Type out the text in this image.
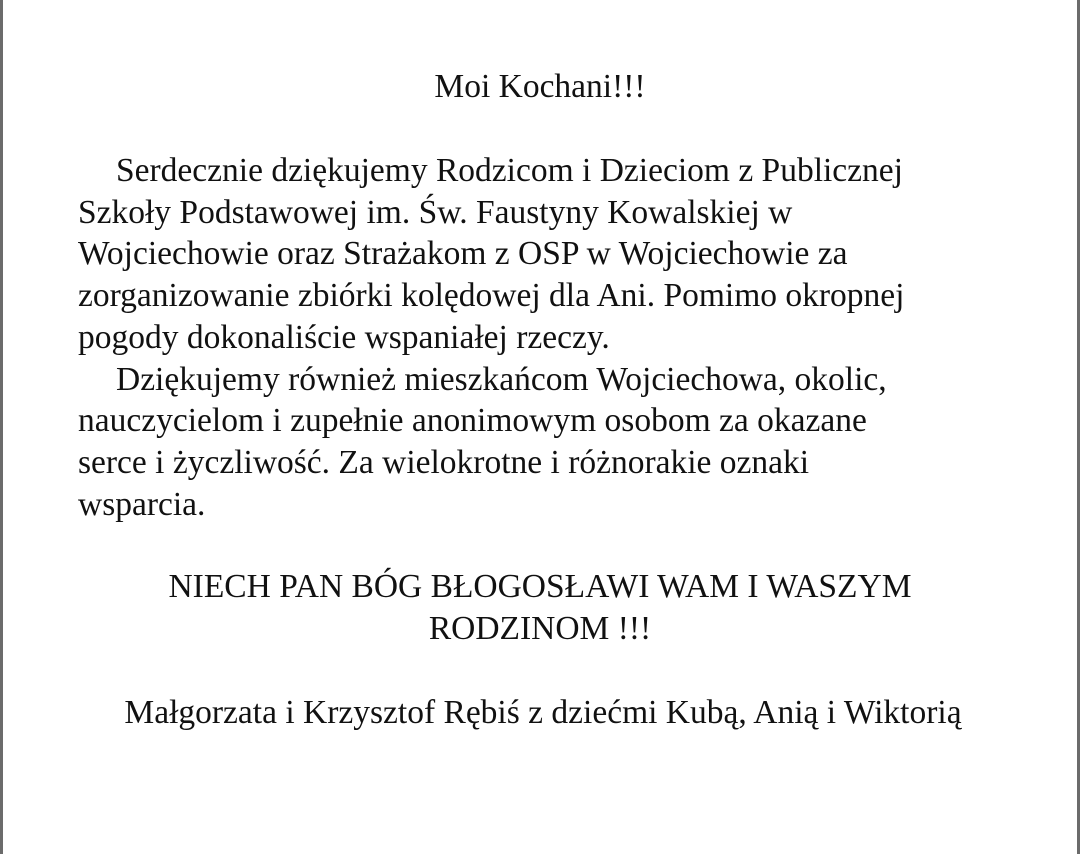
Moi Kochani!!!

Serdecznie dziękujemy Rodzicom i Dzieciom z Publicznej
Szkoły Podstawowej im. Św. Faustyny Kowalskiej w
Wojciechowie oraz Strażakom z OSP w Wojciechowie za
zorganizowanie zbiórki kolędowej dla Ani. Pomimo okropnej
pogody dokonaliście wspaniałej rzeczy.
Dziękujemy również mieszkańcom Wojciechowa, okolic,
nauczycielom i zupełnie anonimowym osobom za okazane
serce i życzliwość. Za wielokrotne i różnorakie oznaki
wsparcia.
NIECH PAN BÓG BŁOGOSŁAWI WAM I WASZYM
RODZINOM !!!

Małgorzata i Krzysztof Rębiś z dziećmi Kubą, Anią i Wiktorią
